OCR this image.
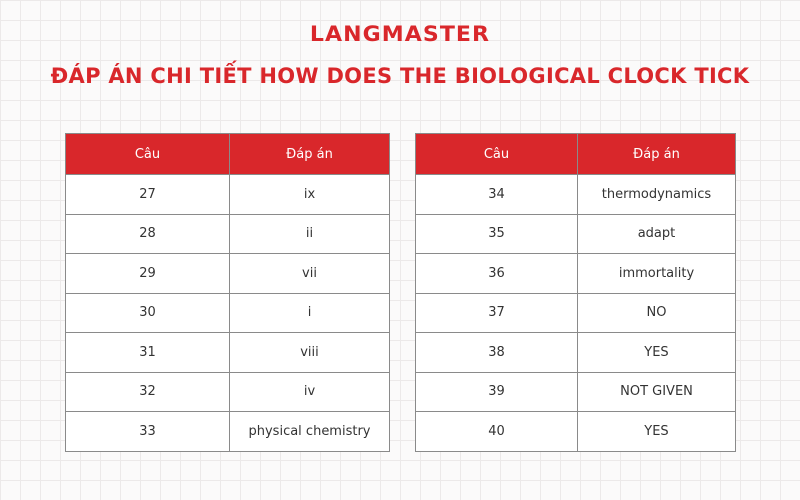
LANGMASTER
ĐÁP ÁN CHI TIẾT HOW DOES THE BIOLOGICAL CLOCK TICK
Câu	Đáp án
27	ix
28	ii
29	vii
30	i
31	viii
32	iv
33	physical chemistry
Câu	Đáp án
34	thermodynamics
35	adapt
36	immortality
37	NO
38	YES
39	NOT GIVEN
40	YES
